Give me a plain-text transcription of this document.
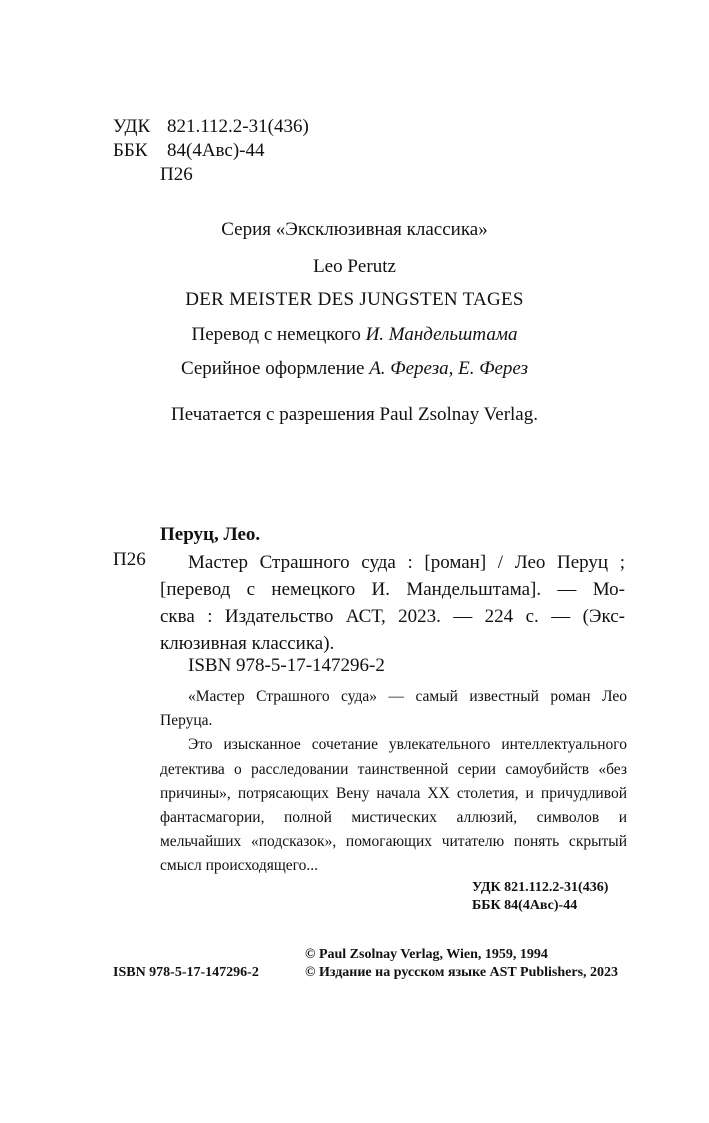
УДК 821.112.2-31(436)
ББК 84(4Авс)-44
П26
Серия «Эксклюзивная классика»
Leo Perutz
DER MEISTER DES JUNGSTEN TAGES
Перевод с немецкого И. Мандельштама
Серийное оформление А. Фереза, Е. Ферез
Печатается с разрешения Paul Zsolnay Verlag.
Перуц, Лео.
П26	Мастер Страшного суда : [роман] / Лео Перуц ;

[перевод с немецкого И. Мандельштама]. — Мо-

сква : Издательство АСТ, 2023. — 224 с. — (Экс-

клюзивная классика).

ISBN 978-5-17-147296-2

«Мастер Страшного суда» — самый известный роман Лео Перуца.

Это изысканное сочетание увлекательного интеллектуального детектива о расследовании таинственной серии самоубийств «без причины», потрясающих Вену начала XX столетия, и причудливой фантасмагории, полной мистических аллюзий, символов и мельчайших «подсказок», помогающих читателю понять скрытый смысл происходящего...

УДК 821.112.2-31(436)
ББК 84(4Авс)-44
© Paul Zsolnay Verlag, Wien, 1959, 1994
ISBN 978-5-17-147296-2	© Издание на русском языке AST Publishers, 2023
